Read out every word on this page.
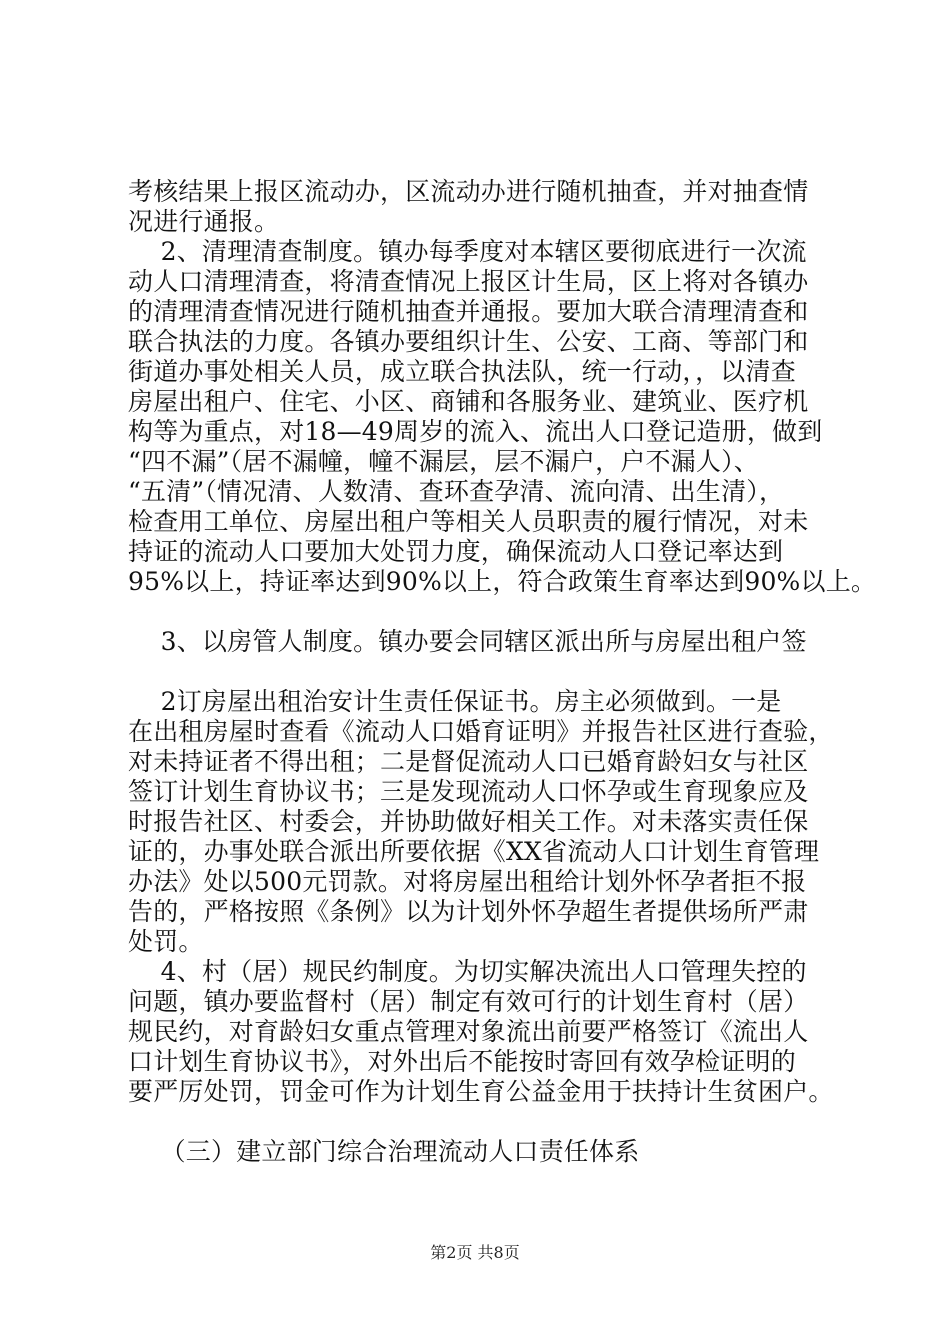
考核结果上报区流动办，区流动办进行随机抽查，并对抽查情
况进行通报。
2、清理清查制度。镇办每季度对本辖区要彻底进行一次流
动人口清理清查，将清查情况上报区计生局，区上将对各镇办
的清理清查情况进行随机抽查并通报。要加大联合清理清查和
联合执法的力度。各镇办要组织计生、公安、工商、等部门和
街道办事处相关人员，成立联合执法队，统一行动，，以清查
房屋出租户、住宅、小区、商铺和各服务业、建筑业、医疗机
构等为重点，对18—49周岁的流入、流出人口登记造册，做到
“四不漏”（居不漏幢，幢不漏层，层不漏户，户不漏人）、
“五清”（情况清、人数清、查环查孕清、流向清、出生清），
检查用工单位、房屋出租户等相关人员职责的履行情况，对未
持证的流动人口要加大处罚力度，确保流动人口登记率达到
95%以上，持证率达到90%以上，符合政策生育率达到90%以上。
3、以房管人制度。镇办要会同辖区派出所与房屋出租户签
2订房屋出租治安计生责任保证书。房主必须做到。一是
在出租房屋时查看《流动人口婚育证明》并报告社区进行查验，
对未持证者不得出租；二是督促流动人口已婚育龄妇女与社区
签订计划生育协议书；三是发现流动人口怀孕或生育现象应及
时报告社区、村委会，并协助做好相关工作。对未落实责任保
证的，办事处联合派出所要依据《XX省流动人口计划生育管理
办法》处以500元罚款。对将房屋出租给计划外怀孕者拒不报
告的，严格按照《条例》以为计划外怀孕超生者提供场所严肃
处罚。
4、村（居）规民约制度。为切实解决流出人口管理失控的
问题，镇办要监督村（居）制定有效可行的计划生育村（居）
规民约，对育龄妇女重点管理对象流出前要严格签订《流出人
口计划生育协议书》，对外出后不能按时寄回有效孕检证明的
要严厉处罚，罚金可作为计划生育公益金用于扶持计生贫困户。
（三）建立部门综合治理流动人口责任体系
第2页 共8页
